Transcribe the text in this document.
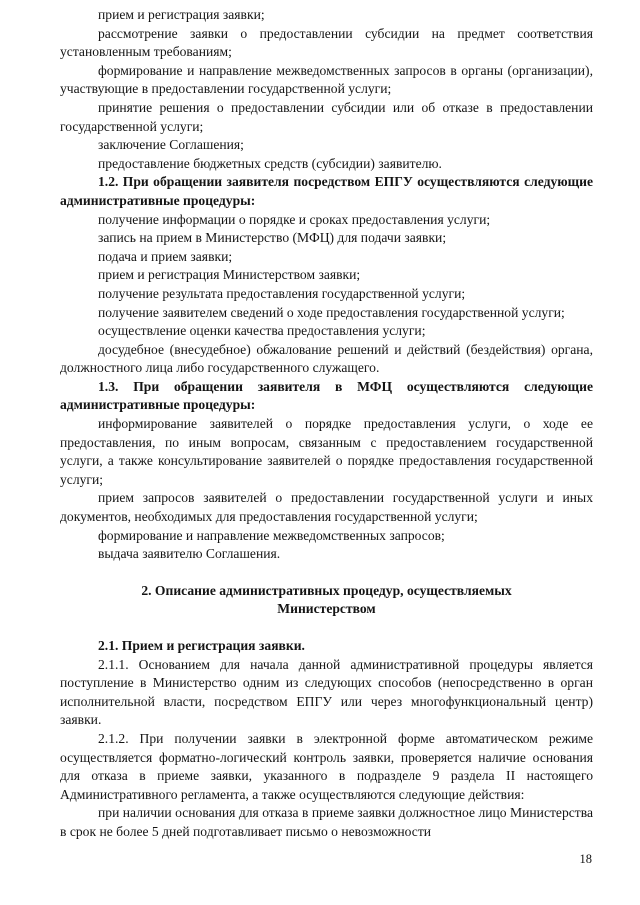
прием и регистрация заявки;

рассмотрение заявки о предоставлении субсидии на предмет соответствия установленным требованиям;

формирование и направление межведомственных запросов в органы (организации), участвующие в предоставлении государственной услуги;

принятие решения о предоставлении субсидии или об отказе в предоставлении государственной услуги;

заключение Соглашения;

предоставление бюджетных средств (субсидии) заявителю.

1.2. При обращении заявителя посредством ЕПГУ осуществляются следующие административные процедуры:

получение информации о порядке и сроках предоставления услуги;

запись на прием в Министерство (МФЦ) для подачи заявки;

подача и прием заявки;

прием и регистрация Министерством заявки;

получение результата предоставления государственной услуги;

получение заявителем сведений о ходе предоставления государственной услуги;

осуществление оценки качества предоставления услуги;

досудебное (внесудебное) обжалование решений и действий (бездействия) органа, должностного лица либо государственного служащего.

1.3. При обращении заявителя в МФЦ осуществляются следующие административные процедуры:

информирование заявителей о порядке предоставления услуги, о ходе ее предоставления, по иным вопросам, связанным с предоставлением государственной услуги, а также консультирование заявителей о порядке предоставления государственной услуги;

прием запросов заявителей о предоставлении государственной услуги и иных документов, необходимых для предоставления государственной услуги;

формирование и направление межведомственных запросов;

выдача заявителю Соглашения.

2. Описание административных процедур, осуществляемых
Министерством

2.1. Прием и регистрация заявки.

2.1.1. Основанием для начала данной административной процедуры является поступление в Министерство одним из следующих способов (непосредственно в орган исполнительной власти, посредством ЕПГУ или через многофункциональный центр) заявки.

2.1.2. При получении заявки в электронной форме автоматическом режиме осуществляется форматно-логический контроль заявки, проверяется наличие основания для отказа в приеме заявки, указанного в подразделе 9 раздела II настоящего Административного регламента, а также осуществляются следующие действия:

при наличии основания для отказа в приеме заявки должностное лицо Министерства в срок не более 5 дней подготавливает письмо о невозможности

18
